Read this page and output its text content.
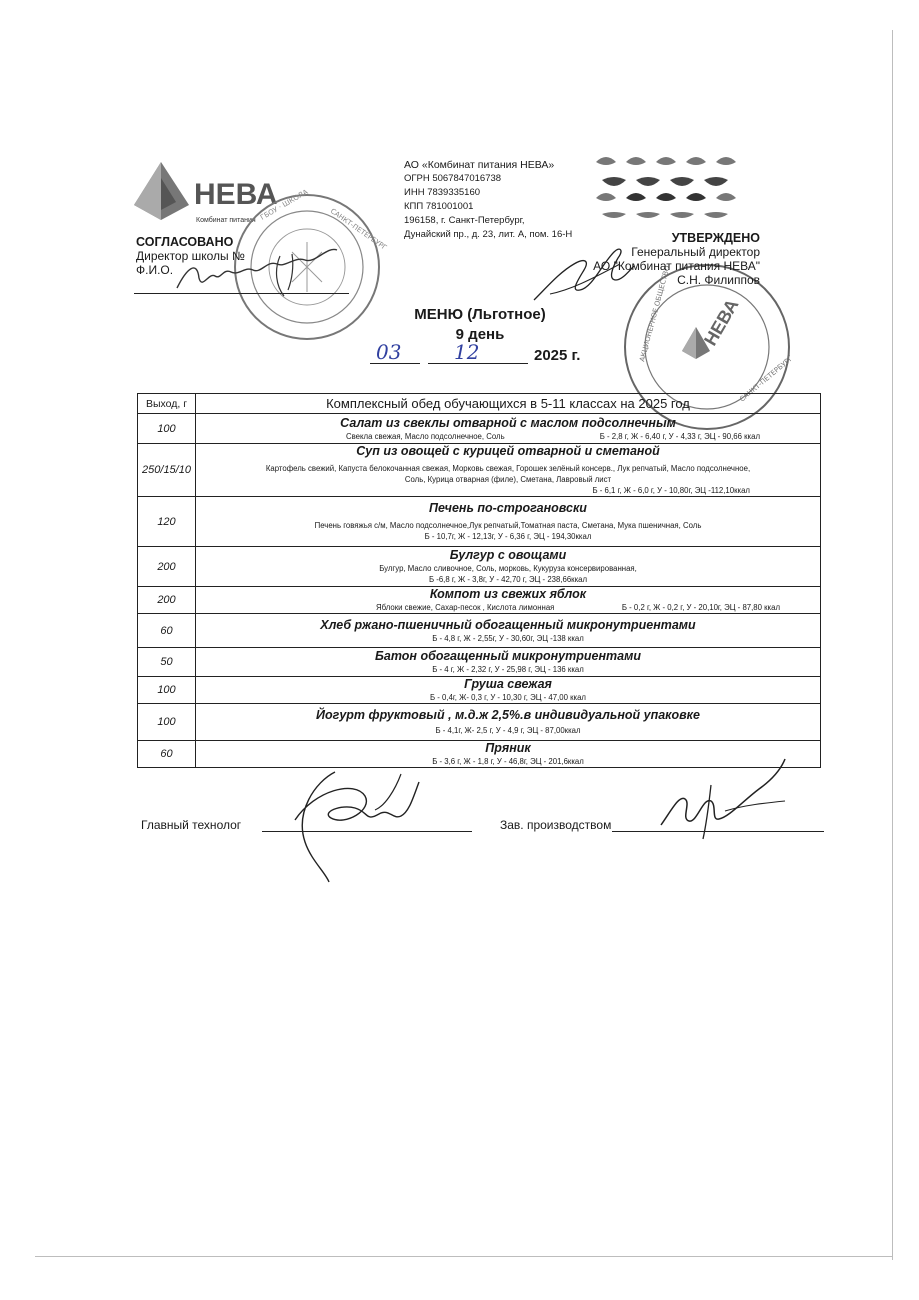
НЕВА
Комбинат питания
АО «Комбинат питания НЕВА»
ОГРН 5067847016738
ИНН 7839335160
КПП 781001001
196158, г. Санкт-Петербург,
Дунайский пр., д. 23, лит. А, пом. 16-Н
ГБОУ · ШКОЛА
САНКТ-ПЕТЕРБУРГ
НЕВА
АКЦИОНЕРНОЕ ОБЩЕСТВО
САНКТ-ПЕТЕРБУРГ
СОГЛАСОВАНО
Директор школы №
Ф.И.О.
УТВЕРЖДЕНО
Генеральный директор
АО "Комбинат питания НЕВА"
С.Н. Филиппов
МЕНЮ (Льготное)
9 день

03	12	2025 г.
Выход, г	Комплексный обед обучающихся в 5-11 классах на 2025 год
100	Салат из свеклы отварной с маслом подсолнечным
Свекла свежая, Масло подсолнечное, Соль Б - 2,8 г, Ж - 6,40 г, У - 4,33 г, ЭЦ - 90,66 ккал

250/15/10	Суп из овощей с курицей отварной и сметаной
Картофель свежий, Капуста белокочанная свежая, Морковь свежая, Горошек зелёный консерв., Лук репчатый, Масло подсолнечное, Соль, Курица отварная (филе), Сметана, Лавровый лист
Б - 6,1 г, Ж - 6,0 г, У - 10,80г, ЭЦ -112,10ккал

120	Печень по-строгановски
Печень говяжья с/м, Масло подсолнечное,Лук репчатый,Томатная паста, Сметана, Мука пшеничная, Соль
Б - 10,7г, Ж - 12,13г, У - 6,36 г, ЭЦ - 194,30ккал

200	Булгур с овощами
Булгур, Масло сливочное, Соль, морковь, Кукуруза консервированная,
Б -6,8 г, Ж - 3,8г, У - 42,70 г, ЭЦ - 238,66ккал

200	Компот из свежих яблок
Яблоки свежие, Сахар-песок , Кислота лимонная Б - 0,2 г, Ж - 0,2 г, У - 20,10г, ЭЦ - 87,80 ккал

60	Хлеб ржано-пшеничный обогащенный микронутриентами
Б - 4,8 г, Ж - 2,55г, У - 30,60г, ЭЦ -138 ккал

50	Батон обогащенный микронутриентами
Б - 4 г, Ж - 2,32 г, У - 25,98 г, ЭЦ - 136 ккал

100	Груша свежая
Б - 0,4г, Ж- 0,3 г, У - 10,30 г, ЭЦ - 47,00 ккал

100	Йогурт фруктовый , м.д.ж 2,5%.в индивидуальной упаковке
Б - 4,1г, Ж- 2,5 г, У - 4,9 г, ЭЦ - 87,00ккал

60	Пряник
Б - 3,6 г, Ж - 1,8 г, У - 46,8г, ЭЦ - 201,6ккал
Главный технолог	Зав. производством
